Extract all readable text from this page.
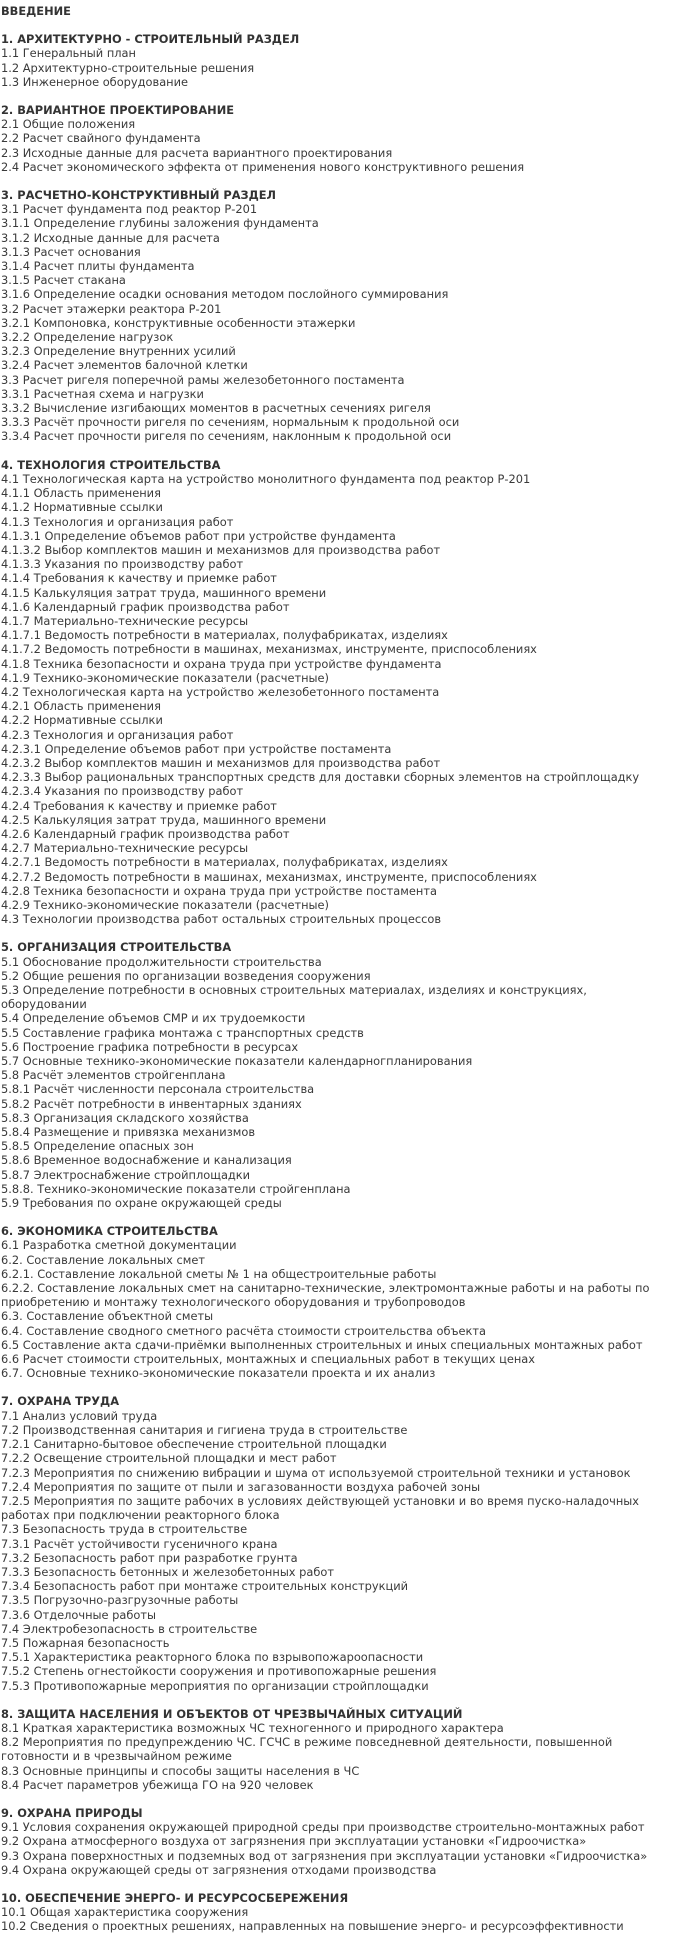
ВВЕДЕНИЕ
1. АРХИТЕКТУРНО - СТРОИТЕЛЬНЫЙ РАЗДЕЛ
1.1 Генеральный план
1.2 Архитектурно-строительные решения
1.3 Инженерное оборудование
2. ВАРИАНТНОЕ ПРОЕКТИРОВАНИЕ
2.1 Общие положения
2.2 Расчет свайного фундамента
2.3 Исходные данные для расчета вариантного проектирования
2.4 Расчет экономического эффекта от применения нового конструктивного решения
3. РАСЧЕТНО-КОНСТРУКТИВНЫЙ РАЗДЕЛ
3.1 Расчет фундамента под реактор Р-201
3.1.1 Определение глубины заложения фундамента
3.1.2 Исходные данные для расчета
3.1.3 Расчет основания
3.1.4 Расчет плиты фундамента
3.1.5 Расчет стакана
3.1.6 Определение осадки основания методом послойного суммирования
3.2 Расчет этажерки реактора Р-201
3.2.1 Компоновка, конструктивные особенности этажерки
3.2.2 Определение нагрузок
3.2.3 Определение внутренних усилий
3.2.4 Расчет элементов балочной клетки
3.3 Расчет ригеля поперечной рамы железобетонного постамента
3.3.1 Расчетная схема и нагрузки
3.3.2 Вычисление изгибающих моментов в расчетных сечениях ригеля
3.3.3 Расчёт прочности ригеля по сечениям, нормальным к продольной оси
3.3.4 Расчет прочности ригеля по сечениям, наклонным к продольной оси
4. ТЕХНОЛОГИЯ СТРОИТЕЛЬСТВА
4.1 Технологическая карта на устройство монолитного фундамента под реактор Р-201
4.1.1 Область применения
4.1.2 Нормативные ссылки
4.1.3 Технология и организация работ
4.1.3.1 Определение объемов работ при устройстве фундамента
4.1.3.2 Выбор комплектов машин и механизмов для производства работ
4.1.3.3 Указания по производству работ
4.1.4 Требования к качеству и приемке работ
4.1.5 Калькуляция затрат труда, машинного времени
4.1.6 Календарный график производства работ
4.1.7 Материально-технические ресурсы
4.1.7.1 Ведомость потребности в материалах, полуфабрикатах, изделиях
4.1.7.2 Ведомость потребности в машинах, механизмах, инструменте, приспособлениях
4.1.8 Техника безопасности и охрана труда при устройстве фундамента
4.1.9 Технико-экономические показатели (расчетные)
4.2 Технологическая карта на устройство железобетонного постамента
4.2.1 Область применения
4.2.2 Нормативные ссылки
4.2.3 Технология и организация работ
4.2.3.1 Определение объемов работ при устройстве постамента
4.2.3.2 Выбор комплектов машин и механизмов для производства работ
4.2.3.3 Выбор рациональных транспортных средств для доставки сборных элементов на стройплощадку
4.2.3.4 Указания по производству работ
4.2.4 Требования к качеству и приемке работ
4.2.5 Калькуляция затрат труда, машинного времени
4.2.6 Календарный график производства работ
4.2.7 Материально-технические ресурсы
4.2.7.1 Ведомость потребности в материалах, полуфабрикатах, изделиях
4.2.7.2 Ведомость потребности в машинах, механизмах, инструменте, приспособлениях
4.2.8 Техника безопасности и охрана труда при устройстве постамента
4.2.9 Технико-экономические показатели (расчетные)
4.3 Технологии производства работ остальных строительных процессов
5. ОРГАНИЗАЦИЯ СТРОИТЕЛЬСТВА
5.1 Обоснование продолжительности строительства
5.2 Общие решения по организации возведения сооружения
5.3 Определение потребности в основных строительных материалах, изделиях и конструкциях, оборудовании
5.4 Определение объемов СМР и их трудоемкости
5.5 Составление графика монтажа с транспортных средств
5.6 Построение графика потребности в ресурсах
5.7 Основные технико-экономические показатели календарногпланирования
5.8 Расчёт элементов стройгенплана
5.8.1 Расчёт численности персонала строительства
5.8.2 Расчёт потребности в инвентарных зданиях
5.8.3 Организация складского хозяйства
5.8.4 Размещение и привязка механизмов
5.8.5 Определение опасных зон
5.8.6 Временное водоснабжение и канализация
5.8.7 Электроснабжение стройплощадки
5.8.8. Технико-экономические показатели стройгенплана
5.9 Требования по охране окружающей среды
6. ЭКОНОМИКА СТРОИТЕЛЬСТВА
6.1 Разработка сметной документации
6.2. Составление локальных смет
6.2.1. Составление локальной сметы № 1 на общестроительные работы
6.2.2. Составление локальных смет на санитарно-технические, электромонтажные работы и на работы по приобретению и монтажу технологического оборудования и трубопроводов
6.3. Составление объектной сметы
6.4. Составление сводного сметного расчёта стоимости строительства объекта
6.5 Составление акта сдачи-приёмки выполненных строительных и иных специальных монтажных работ
6.6 Расчет стоимости строительных, монтажных и специальных работ в текущих ценах
6.7. Основные технико-экономические показатели проекта и их анализ
7. ОХРАНА ТРУДА
7.1 Анализ условий труда
7.2 Производственная санитария и гигиена труда в строительстве
7.2.1 Санитарно-бытовое обеспечение строительной площадки
7.2.2 Освещение строительной площадки и мест работ
7.2.3 Мероприятия по снижению вибрации и шума от используемой строительной техники и установок
7.2.4 Мероприятия по защите от пыли и загазованности воздуха рабочей зоны
7.2.5 Мероприятия по защите рабочих в условиях действующей установки и во время пуско-наладочных работах при подключении реакторного блока
7.3 Безопасность труда в строительстве
7.3.1 Расчёт устойчивости гусеничного крана
7.3.2 Безопасность работ при разработке грунта
7.3.3 Безопасность бетонных и железобетонных работ
7.3.4 Безопасность работ при монтаже строительных конструкций
7.3.5 Погрузочно-разгрузочные работы
7.3.6 Отделочные работы
7.4 Электробезопасность в строительстве
7.5 Пожарная безопасность
7.5.1 Характеристика реакторного блока по взрывопожароопасности
7.5.2 Степень огнестойкости сооружения и противопожарные решения
7.5.3 Противопожарные мероприятия по организации стройплощадки
8. ЗАЩИТА НАСЕЛЕНИЯ И ОБЪЕКТОВ ОТ ЧРЕЗВЫЧАЙНЫХ СИТУАЦИЙ
8.1 Краткая характеристика возможных ЧС техногенного и природного характера
8.2 Мероприятия по предупреждению ЧС. ГСЧС в режиме повседневной деятельности, повышенной готовности и в чрезвычайном режиме
8.3 Основные принципы и способы защиты населения в ЧС
8.4 Расчет параметров убежища ГО на 920 человек
9. ОХРАНА ПРИРОДЫ
9.1 Условия сохранения окружающей природной среды при производстве строительно-монтажных работ
9.2 Охрана атмосферного воздуха от загрязнения при эксплуатации установки «Гидроочистка»
9.3 Охрана поверхностных и подземных вод от загрязнения при эксплуатации установки «Гидроочистка»
9.4 Охрана окружающей среды от загрязнения отходами производства
10. ОБЕСПЕЧЕНИЕ ЭНЕРГО- И РЕСУРСОСБЕРЕЖЕНИЯ
10.1 Общая характеристика сооружения
10.2 Сведения о проектных решениях, направленных на повышение энерго- и ресурсоэффективности
